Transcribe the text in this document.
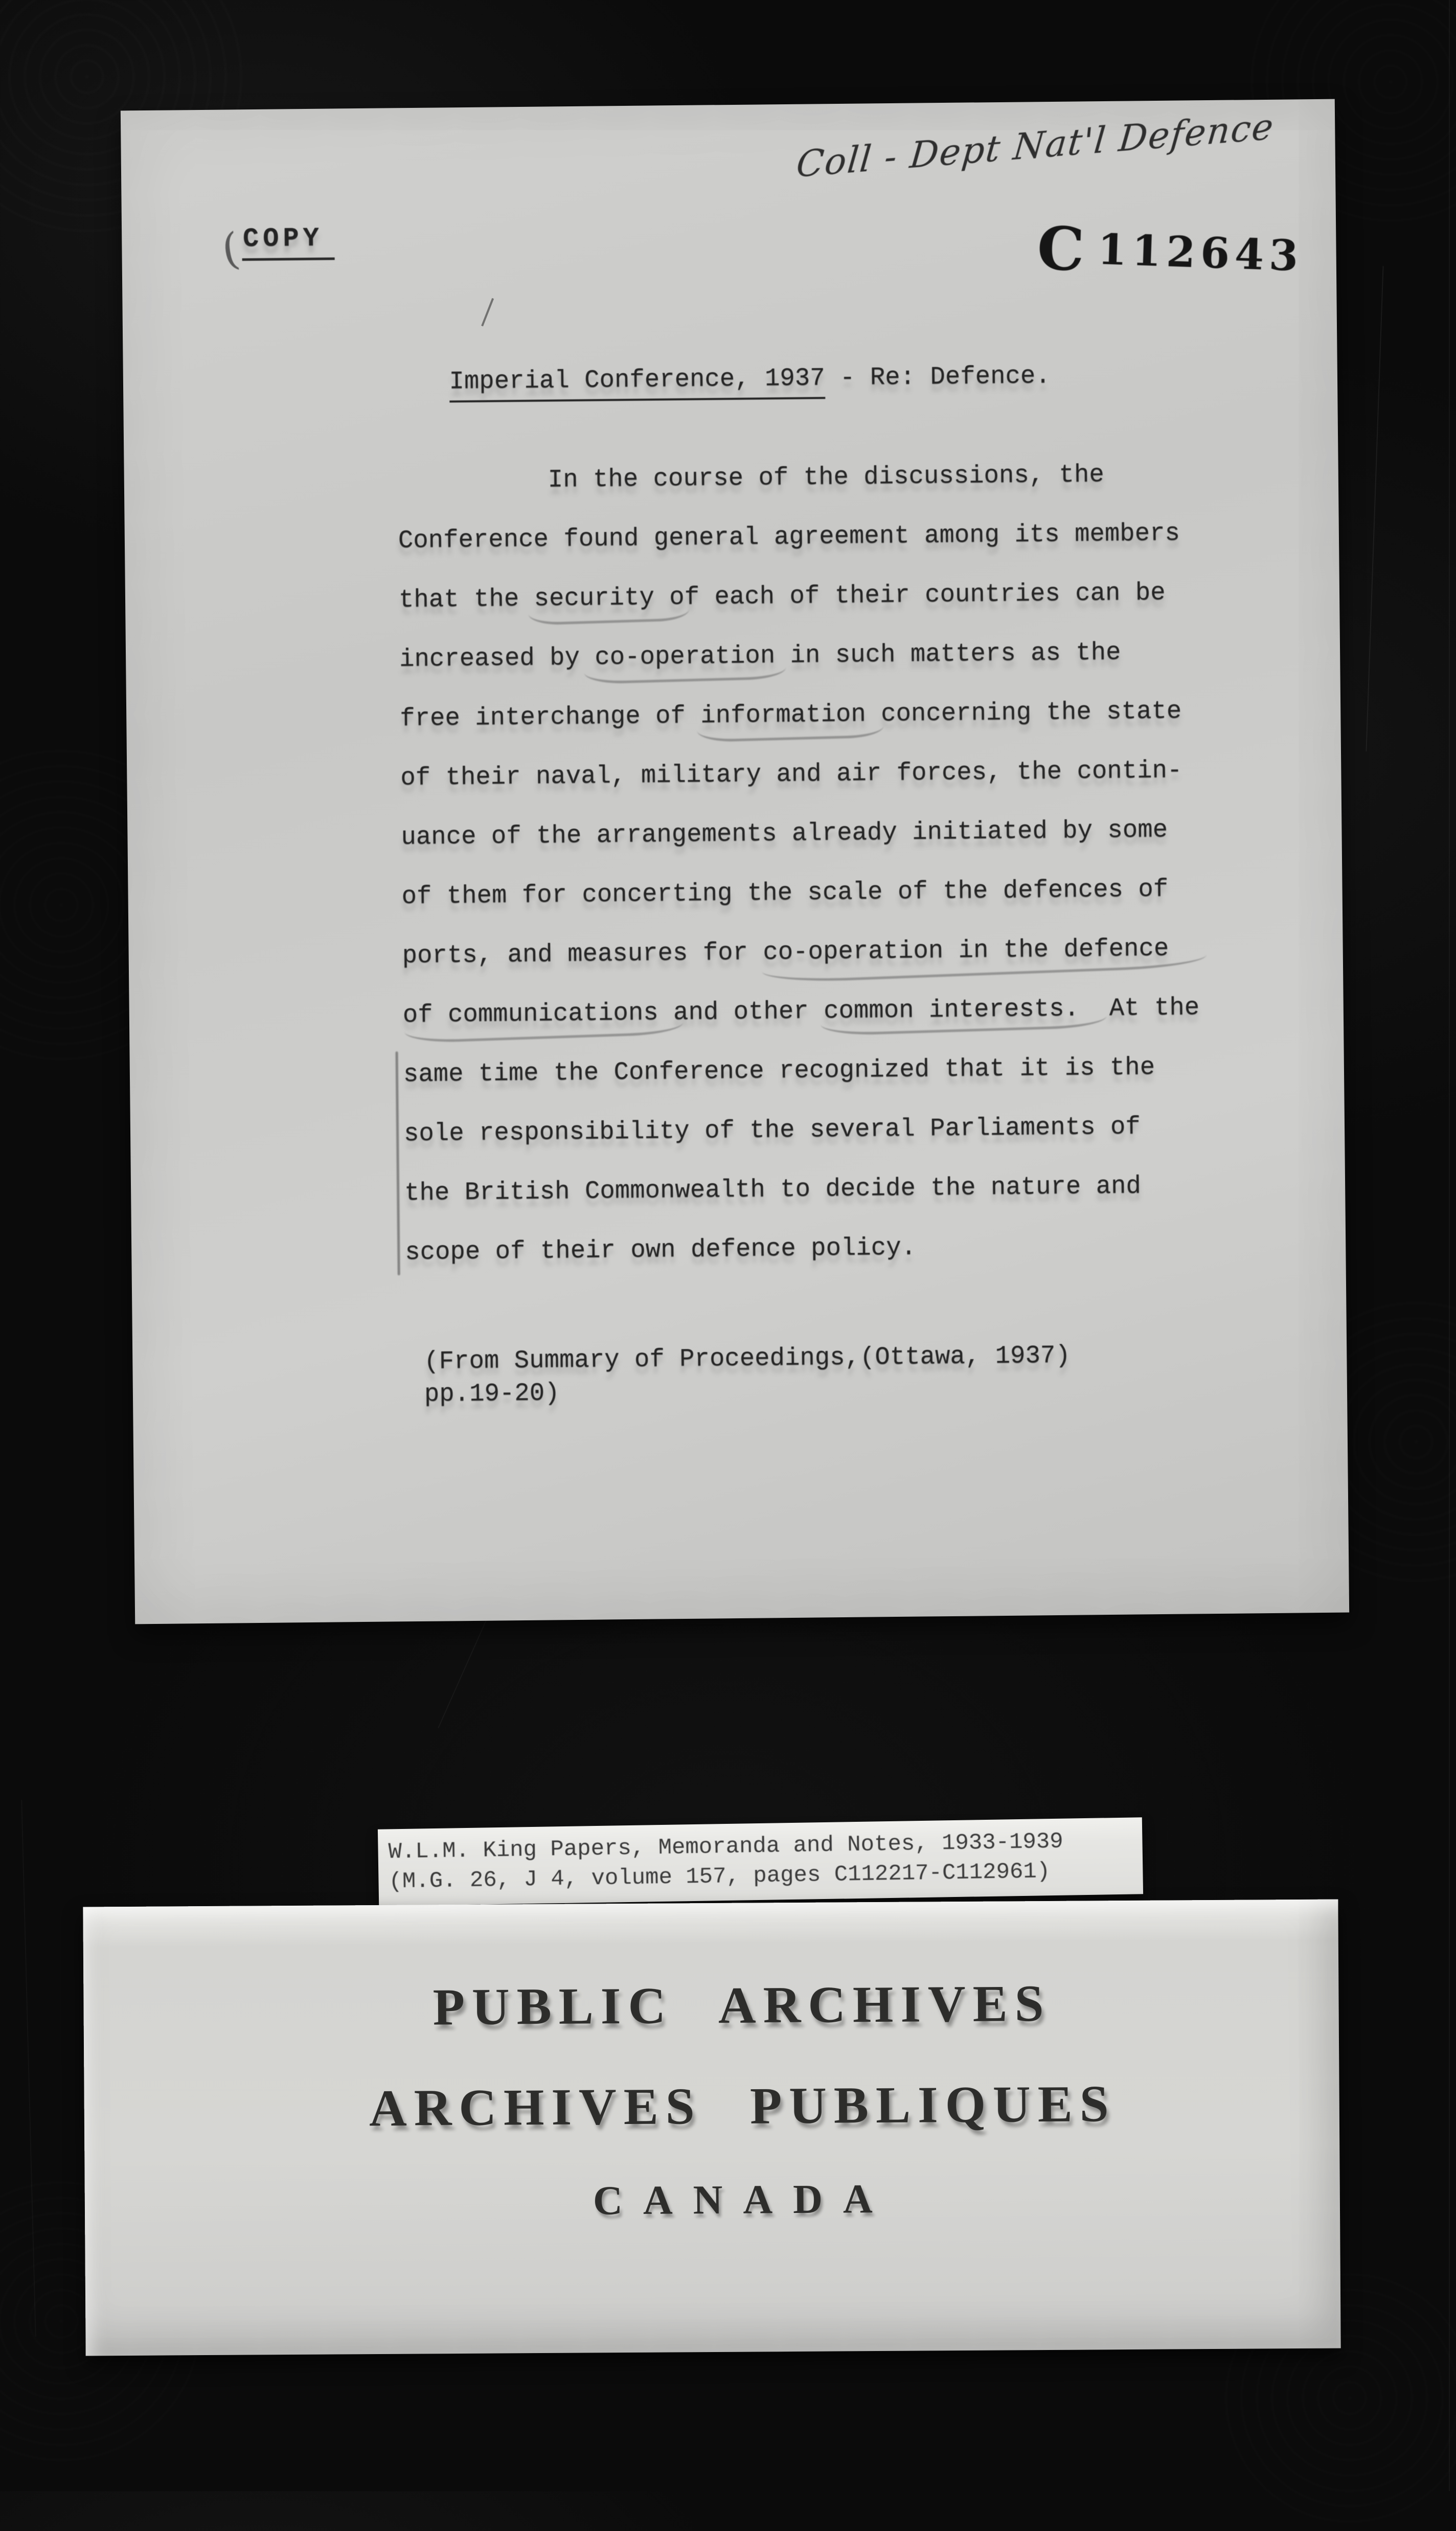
Coll - Dept Nat'l Defence
(COPY	C 112643

Imperial Conference, 1937 - Re: Defence.

In the course of the discussions, the
Conference found general agreement among its members
that the security of each of their countries can be
increased by co-operation in such matters as the
free interchange of information concerning the state
of their naval, military and air forces, the contin-
uance of the arrangements already initiated by some
of them for concerting the scale of the defences of
ports, and measures for co-operation in the defence
of communications and other common interests.  At the
same time the Conference recognized that it is the
sole responsibility of the several Parliaments of
the British Commonwealth to decide the nature and
scope of their own defence policy.
(From Summary of Proceedings,(Ottawa, 1937)
pp.19-20)
W.L.M. King Papers, Memoranda and Notes, 1933-1939
(M.G. 26, J 4, volume 157, pages C112217-C112961)
PUBLIC ARCHIVES
ARCHIVES PUBLIQUES
CANADA
